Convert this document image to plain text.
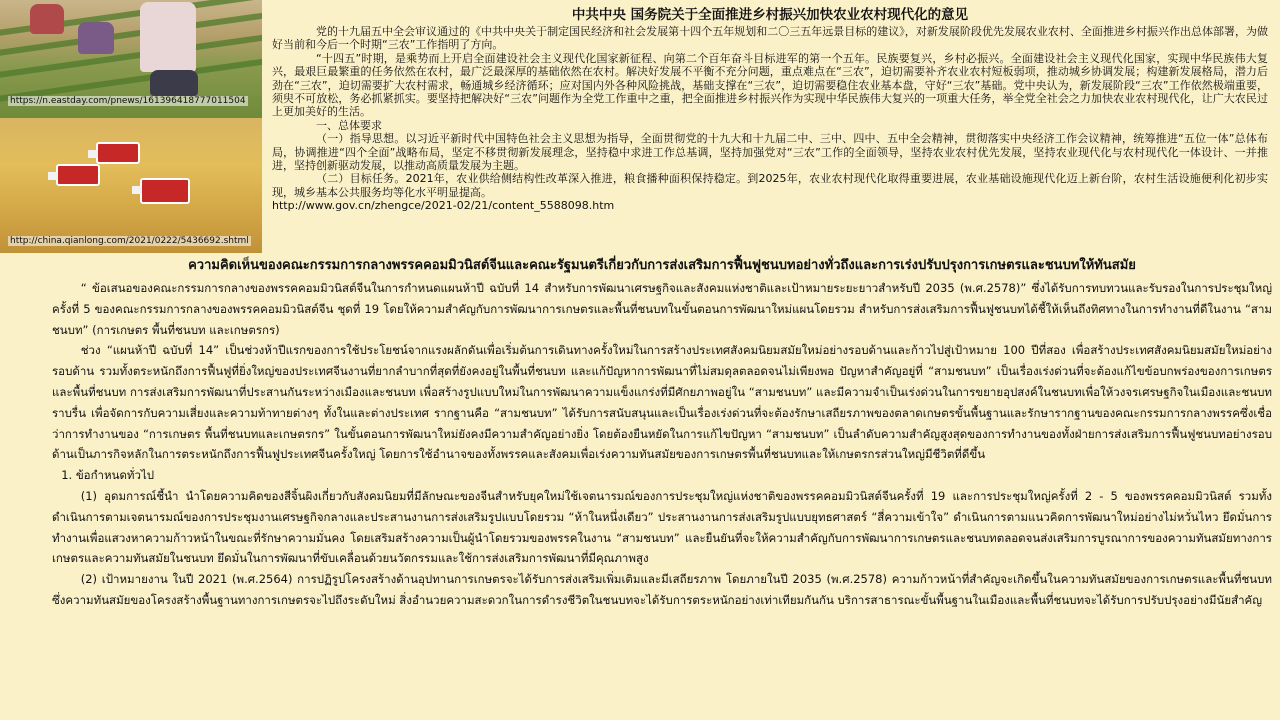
https://n.eastday.com/pnews/161396418777011504
http://china.qianlong.com/2021/0222/5436692.shtml
中共中央 国务院关于全面推进乡村振兴加快农业农村现代化的意见

党的十九届五中全会审议通过的《中共中央关于制定国民经济和社会发展第十四个五年规划和二〇三五年远景目标的建议》，对新发展阶段优先发展农业农村、全面推进乡村振兴作出总体部署，为做好当前和今后一个时期“三农”工作指明了方向。

“十四五”时期，是乘势而上开启全面建设社会主义现代化国家新征程、向第二个百年奋斗目标进军的第一个五年。民族要复兴，乡村必振兴。全面建设社会主义现代化国家，实现中华民族伟大复兴，最艰巨最繁重的任务依然在农村，最广泛最深厚的基础依然在农村。解决好发展不平衡不充分问题，重点难点在“三农”，迫切需要补齐农业农村短板弱项，推动城乡协调发展；构建新发展格局，潜力后劲在“三农”，迫切需要扩大农村需求，畅通城乡经济循环；应对国内外各种风险挑战，基础支撑在“三农”，迫切需要稳住农业基本盘，守好“三农”基础。党中央认为，新发展阶段“三农”工作依然极端重要，须臾不可放松，务必抓紧抓实。要坚持把解决好“三农”问题作为全党工作重中之重，把全面推进乡村振兴作为实现中华民族伟大复兴的一项重大任务，举全党全社会之力加快农业农村现代化，让广大农民过上更加美好的生活。

一、总体要求

（一）指导思想。以习近平新时代中国特色社会主义思想为指导，全面贯彻党的十九大和十九届二中、三中、四中、五中全会精神，贯彻落实中央经济工作会议精神，统筹推进“五位一体”总体布局，协调推进“四个全面”战略布局，坚定不移贯彻新发展理念，坚持稳中求进工作总基调，坚持加强党对“三农”工作的全面领导，坚持农业农村优先发展，坚持农业现代化与农村现代化一体设计、一并推进，坚持创新驱动发展，以推动高质量发展为主题。

（二）目标任务。2021年，农业供给侧结构性改革深入推进，粮食播种面积保持稳定。到2025年，农业农村现代化取得重要进展，农业基础设施现代化迈上新台阶，农村生活设施便利化初步实现，城乡基本公共服务均等化水平明显提高。

http://www.gov.cn/zhengce/2021-02/21/content_5588098.htm

ความคิดเห็นของคณะกรรมการกลางพรรคคอมมิวนิสต์จีนและคณะรัฐมนตรีเกี่ยวกับการส่งเสริมการฟื้นฟูชนบทอย่างทั่วถึงและการเร่งปรับปรุงการเกษตรและชนบทให้ทันสมัย

“ ข้อเสนอของคณะกรรมการกลางของพรรคคอมมิวนิสต์จีนในการกำหนดแผนห้าปี ฉบับที่ 14 สำหรับการพัฒนาเศรษฐกิจและสังคมแห่งชาติและเป้าหมายระยะยาวสำหรับปี 2035 (พ.ศ.2578)” ซึ่งได้รับการทบทวนและรับรองในการประชุมใหญ่ครั้งที่ 5 ของคณะกรรมการกลางของพรรคคอมมิวนิสต์จีน ชุดที่ 19 โดยให้ความสำคัญกับการพัฒนาการเกษตรและพื้นที่ชนบทในขั้นตอนการพัฒนาใหม่แผนโดยรวม สำหรับการส่งเสริมการฟื้นฟูชนบทได้ชี้ให้เห็นถึงทิศทางในการทำงานที่ดีในงาน “สามชนบท” (การเกษตร พื้นที่ชนบท และเกษตรกร)

ช่วง “แผนห้าปี ฉบับที่ 14” เป็นช่วงห้าปีแรกของการใช้ประโยชน์จากแรงผลักดันเพื่อเริ่มต้นการเดินทางครั้งใหม่ในการสร้างประเทศสังคมนิยมสมัยใหม่อย่างรอบด้านและก้าวไปสู่เป้าหมาย 100 ปีที่สอง เพื่อสร้างประเทศสังคมนิยมสมัยใหม่อย่างรอบด้าน รวมทั้งตระหนักถึงการฟื้นฟูที่ยิ่งใหญ่ของประเทศจีนงานที่ยากลำบากที่สุดที่ยังคงอยู่ในพื้นที่ชนบท และแก้ปัญหาการพัฒนาที่ไม่สมดุลตลอดจนไม่เพียงพอ ปัญหาสำคัญอยู่ที่ “สามชนบท” เป็นเรื่องเร่งด่วนที่จะต้องแก้ไขข้อบกพร่องของการเกษตรและพื้นที่ชนบท การส่งเสริมการพัฒนาที่ประสานกันระหว่างเมืองและชนบท เพื่อสร้างรูปแบบใหม่ในการพัฒนาความแข็งแกร่งที่มีศักยภาพอยู่ใน “สามชนบท” และมีความจำเป็นเร่งด่วนในการขยายอุปสงค์ในชนบทเพื่อให้วงจรเศรษฐกิจในเมืองและชนบทราบรื่น เพื่อจัดการกับความเสี่ยงและความท้าทายต่างๆ ทั้งในและต่างประเทศ รากฐานคือ “สามชนบท” ได้รับการสนับสนุนและเป็นเรื่องเร่งด่วนที่จะต้องรักษาเสถียรภาพของตลาดเกษตรขั้นพื้นฐานและรักษารากฐานของคณะกรรมการกลางพรรคซึ่งเชื่อว่าการทำงานของ “การเกษตร พื้นที่ชนบทและเกษตรกร” ในขั้นตอนการพัฒนาใหม่ยังคงมีความสำคัญอย่างยิ่ง โดยต้องยืนหยัดในการแก้ไขปัญหา “สามชนบท” เป็นลำดับความสำคัญสูงสุดของการทำงานของทั้งฝ่ายการส่งเสริมการฟื้นฟูชนบทอย่างรอบด้านเป็นภารกิจหลักในการตระหนักถึงการฟื้นฟูประเทศจีนครั้งใหญ่ โดยการใช้อำนาจของทั้งพรรคและสังคมเพื่อเร่งความทันสมัยของการเกษตรพื้นที่ชนบทและให้เกษตรกรส่วนใหญ่มีชีวิตที่ดีขึ้น

1. ข้อกำหนดทั่วไป

(1) อุดมการณ์ชี้นำ นำโดยความคิดของสีจิ้นผิงเกี่ยวกับสังคมนิยมที่มีลักษณะของจีนสำหรับยุคใหม่ใช้เจตนารมณ์ของการประชุมใหญ่แห่งชาติของพรรคคอมมิวนิสต์จีนครั้งที่ 19 และการประชุมใหญ่ครั้งที่ 2 - 5 ของพรรคคอมมิวนิสต์ รวมทั้งดำเนินการตามเจตนารมณ์ของการประชุมงานเศรษฐกิจกลางและประสานงานการส่งเสริมรูปแบบโดยรวม “ห้าในหนึ่งเดียว” ประสานงานการส่งเสริมรูปแบบยุทธศาสตร์ “สี่ความเข้าใจ” ดำเนินการตามแนวคิดการพัฒนาใหม่อย่างไม่หวั่นไหว ยึดมั่นการทำงานเพื่อแสวงหาความก้าวหน้าในขณะที่รักษาความมั่นคง โดยเสริมสร้างความเป็นผู้นำโดยรวมของพรรคในงาน “สามชนบท” และยืนยันที่จะให้ความสำคัญกับการพัฒนาการเกษตรและชนบทตลอดจนส่งเสริมการบูรณาการของความทันสมัยทางการเกษตรและความทันสมัยในชนบท ยึดมั่นในการพัฒนาที่ขับเคลื่อนด้วยนวัตกรรมและใช้การส่งเสริมการพัฒนาที่มีคุณภาพสูง

(2) เป้าหมายงาน ในปี 2021 (พ.ศ.2564) การปฏิรูปโครงสร้างด้านอุปทานการเกษตรจะได้รับการส่งเสริมเพิ่มเติมและมีเสถียรภาพ โดยภายในปี 2035 (พ.ศ.2578) ความก้าวหน้าที่สำคัญจะเกิดขึ้นในความทันสมัยของการเกษตรและพื้นที่ชนบท ซึ่งความทันสมัยของโครงสร้างพื้นฐานทางการเกษตรจะไปถึงระดับใหม่ สิ่งอำนวยความสะดวกในการดำรงชีวิตในชนบทจะได้รับการตระหนักอย่างเท่าเทียมกันกัน บริการสาธารณะขั้นพื้นฐานในเมืองและพื้นที่ชนบทจะได้รับการปรับปรุงอย่างมีนัยสำคัญ
